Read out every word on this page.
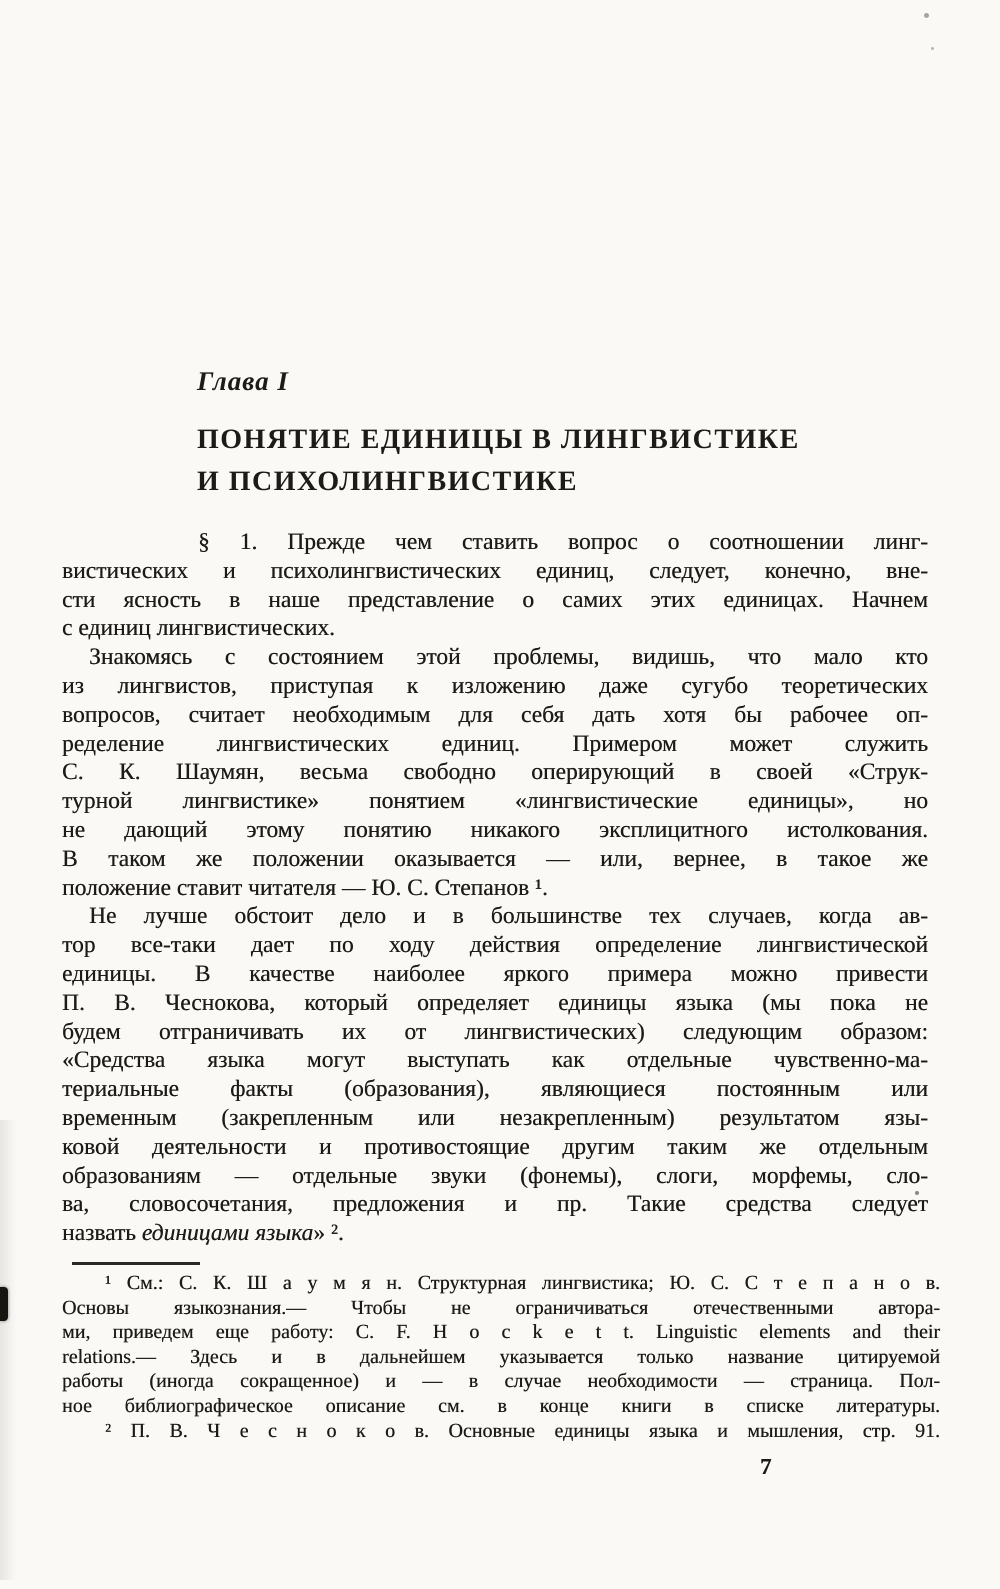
Глава I
ПОНЯТИЕ ЕДИНИЦЫ В ЛИНГВИСТИКЕ
И ПСИХОЛИНГВИСТИКЕ
§ 1. Прежде чем ставить вопрос о соотношении линг-
вистических и психолингвистических единиц, следует, конечно, вне-
сти ясность в наше представление о самих этих единицах. Начнем
с единиц лингвистических.
Знакомясь с состоянием этой проблемы, видишь, что мало кто
из лингвистов, приступая к изложению даже сугубо теоретических
вопросов, считает необходимым для себя дать хотя бы рабочее оп-
ределение лингвистических единиц. Примером может служить
С. К. Шаумян, весьма свободно оперирующий в своей «Струк-
турной лингвистике» понятием «лингвистические единицы», но
не дающий этому понятию никакого эксплицитного истолкования.
В таком же положении оказывается — или, вернее, в такое же
положение ставит читателя — Ю. С. Степанов ¹.
Не лучше обстоит дело и в большинстве тех случаев, когда ав-
тор все-таки дает по ходу действия определение лингвистической
единицы. В качестве наиболее яркого примера можно привести
П. В. Чеснокова, который определяет единицы языка (мы пока не
будем отграничивать их от лингвистических) следующим образом:
«Средства языка могут выступать как отдельные чувственно-ма-
териальные факты (образования), являющиеся постоянным или
временным (закрепленным или незакрепленным) результатом язы-
ковой деятельности и противостоящие другим таким же отдельным
образованиям — отдельные звуки (фонемы), слоги, морфемы, сло-
ва, словосочетания, предложения и пр. Такие средства следует
назвать единицами языка» ².
¹ См.: С. К. Ш а у м я н. Структурная лингвистика; Ю. С. С т е п а н о в.
Основы языкознания.— Чтобы не ограничиваться отечественными автора-
ми, приведем еще работу: C. F. H o c k e t t. Linguistic elements and their
relations.— Здесь и в дальнейшем указывается только название цитируемой
работы (иногда сокращенное) и — в случае необходимости — страница. Пол-
ное библиографическое описание см. в конце книги в списке литературы.
² П. В. Ч е с н о к о в. Основные единицы языка и мышления, стр. 91.
7
